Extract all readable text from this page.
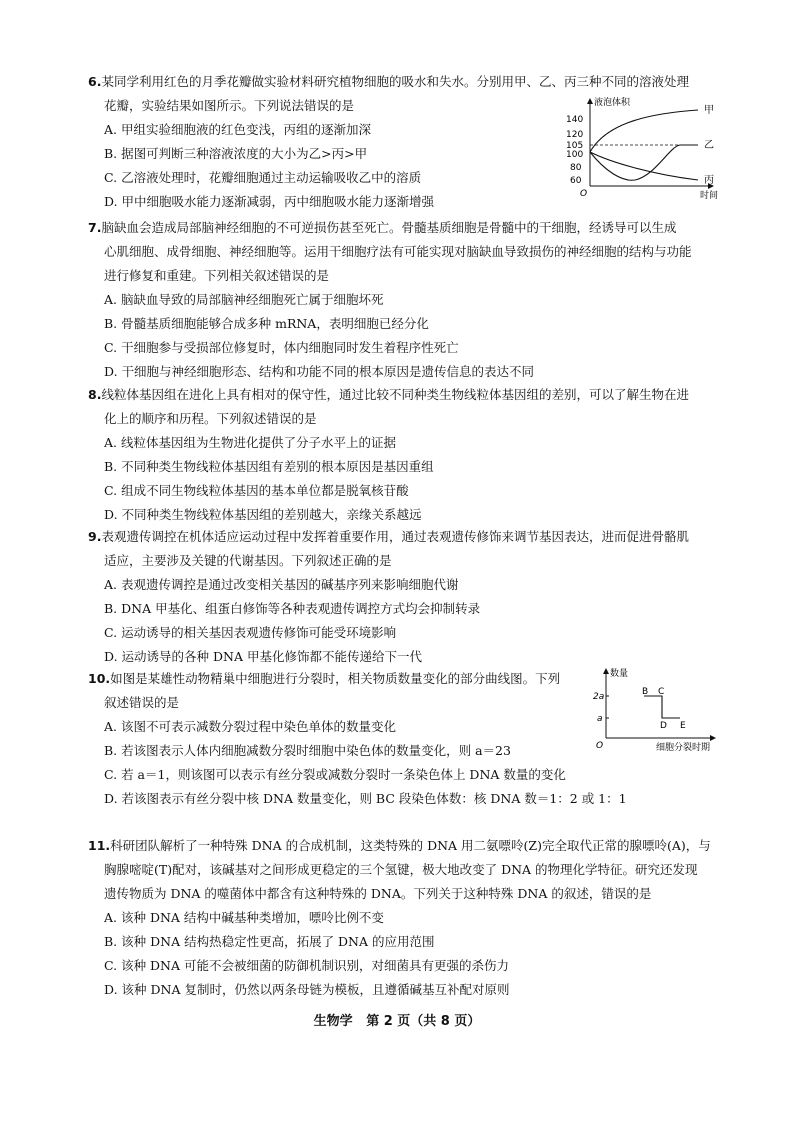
6.某同学利用红色的月季花瓣做实验材料研究植物细胞的吸水和失水。分别用甲、乙、丙三种不同的溶液处理
花瓣，实验结果如图所示。下列说法错误的是
A. 甲组实验细胞液的红色变浅，丙组的逐渐加深
B. 据图可判断三种溶液浓度的大小为乙>丙>甲
C. 乙溶液处理时，花瓣细胞通过主动运输吸收乙中的溶质
D. 甲中细胞吸水能力逐渐减弱，丙中细胞吸水能力逐渐增强
液泡体积
时间
O
140
120
105
100
80
60
甲
乙
丙
7.脑缺血会造成局部脑神经细胞的不可逆损伤甚至死亡。骨髓基质细胞是骨髓中的干细胞，经诱导可以生成
心肌细胞、成骨细胞、神经细胞等。运用干细胞疗法有可能实现对脑缺血导致损伤的神经细胞的结构与功能
进行修复和重建。下列相关叙述错误的是
A. 脑缺血导致的局部脑神经细胞死亡属于细胞坏死
B. 骨髓基质细胞能够合成多种 mRNA，表明细胞已经分化
C. 干细胞参与受损部位修复时，体内细胞同时发生着程序性死亡
D. 干细胞与神经细胞形态、结构和功能不同的根本原因是遗传信息的表达不同
8.线粒体基因组在进化上具有相对的保守性，通过比较不同种类生物线粒体基因组的差别，可以了解生物在进
化上的顺序和历程。下列叙述错误的是
A. 线粒体基因组为生物进化提供了分子水平上的证据
B. 不同种类生物线粒体基因组有差别的根本原因是基因重组
C. 组成不同生物线粒体基因的基本单位都是脱氧核苷酸
D. 不同种类生物线粒体基因组的差别越大，亲缘关系越远
9.表观遗传调控在机体适应运动过程中发挥着重要作用，通过表观遗传修饰来调节基因表达，进而促进骨骼肌
适应，主要涉及关键的代谢基因。下列叙述正确的是
A. 表观遗传调控是通过改变相关基因的碱基序列来影响细胞代谢
B. DNA 甲基化、组蛋白修饰等各种表观遗传调控方式均会抑制转录
C. 运动诱导的相关基因表观遗传修饰可能受环境影响
D. 运动诱导的各种 DNA 甲基化修饰都不能传递给下一代
10.如图是某雄性动物精巢中细胞进行分裂时，相关物质数量变化的部分曲线图。下列
叙述错误的是
A. 该图不可表示减数分裂过程中染色单体的数量变化
B. 若该图表示人体内细胞减数分裂时细胞中染色体的数量变化，则 a＝23
C. 若 a＝1，则该图可以表示有丝分裂或减数分裂时一条染色体上 DNA 数量的变化
D. 若该图表示有丝分裂中核 DNA 数量变化，则 BC 段染色体数：核 DNA 数＝1：2 或 1：1
数量
细胞分裂时期
O
2a
a
B C
D E
11.科研团队解析了一种特殊 DNA 的合成机制，这类特殊的 DNA 用二氨嘌呤(Z)完全取代正常的腺嘌呤(A)，与
胸腺嘧啶(T)配对，该碱基对之间形成更稳定的三个氢键，极大地改变了 DNA 的物理化学特征。研究还发现
遗传物质为 DNA 的噬菌体中都含有这种特殊的 DNA。下列关于这种特殊 DNA 的叙述，错误的是
A. 该种 DNA 结构中碱基种类增加，嘌呤比例不变
B. 该种 DNA 结构热稳定性更高，拓展了 DNA 的应用范围
C. 该种 DNA 可能不会被细菌的防御机制识别，对细菌具有更强的杀伤力
D. 该种 DNA 复制时，仍然以两条母链为模板，且遵循碱基互补配对原则
生物学 第 2 页（共 8 页）
